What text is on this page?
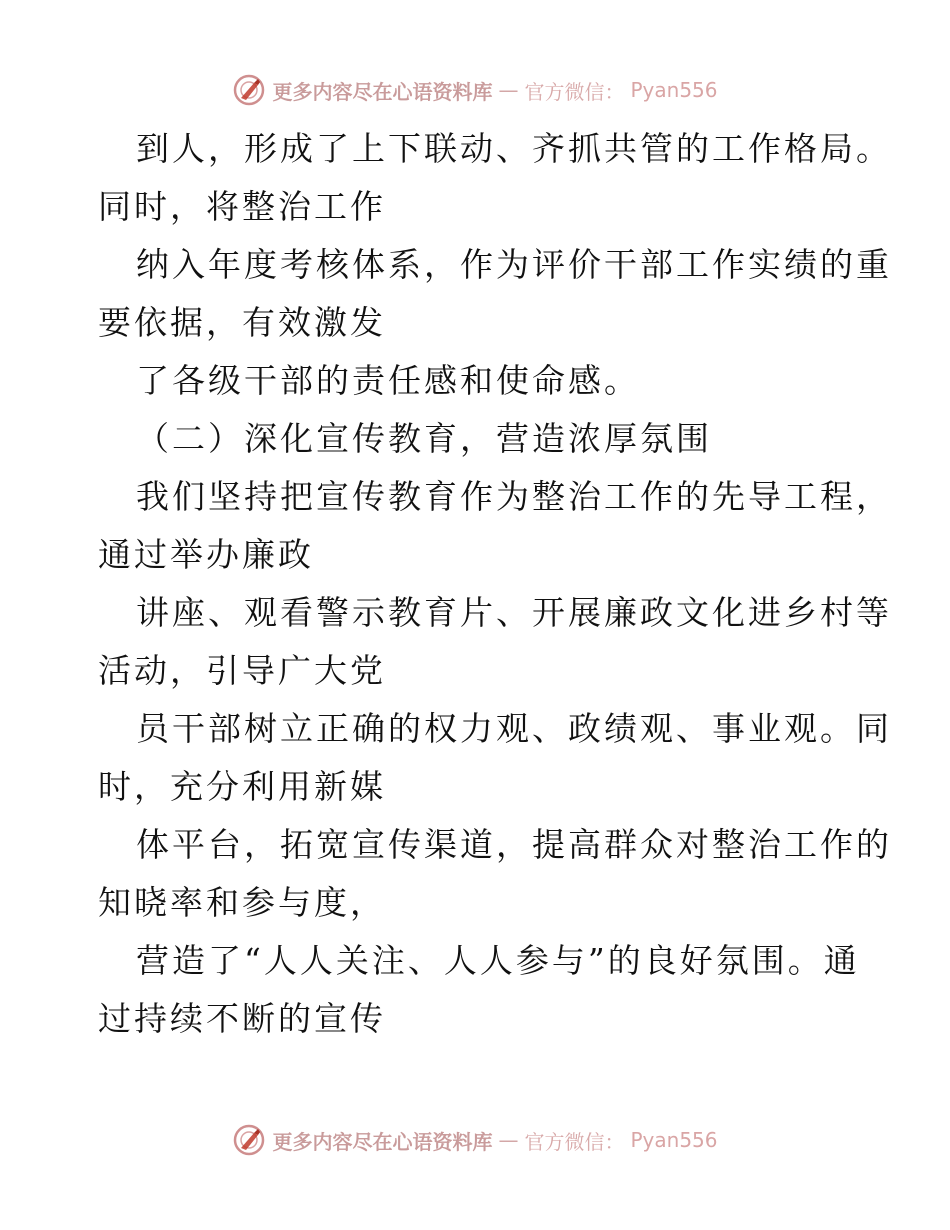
更多内容尽在心语资料库 — 官方微信： Pyan556
到人，形成了上下联动、齐抓共管的工作格局。
同时，将整治工作
纳入年度考核体系，作为评价干部工作实绩的重
要依据，有效激发
了各级干部的责任感和使命感。
（二）深化宣传教育，营造浓厚氛围
我们坚持把宣传教育作为整治工作的先导工程，
通过举办廉政
讲座、观看警示教育片、开展廉政文化进乡村等
活动，引导广大党
员干部树立正确的权力观、政绩观、事业观。同
时，充分利用新媒
体平台，拓宽宣传渠道，提高群众对整治工作的
知晓率和参与度，
营造了“人人关注、人人参与”的良好氛围。通
过持续不断的宣传
更多内容尽在心语资料库 — 官方微信： Pyan556
